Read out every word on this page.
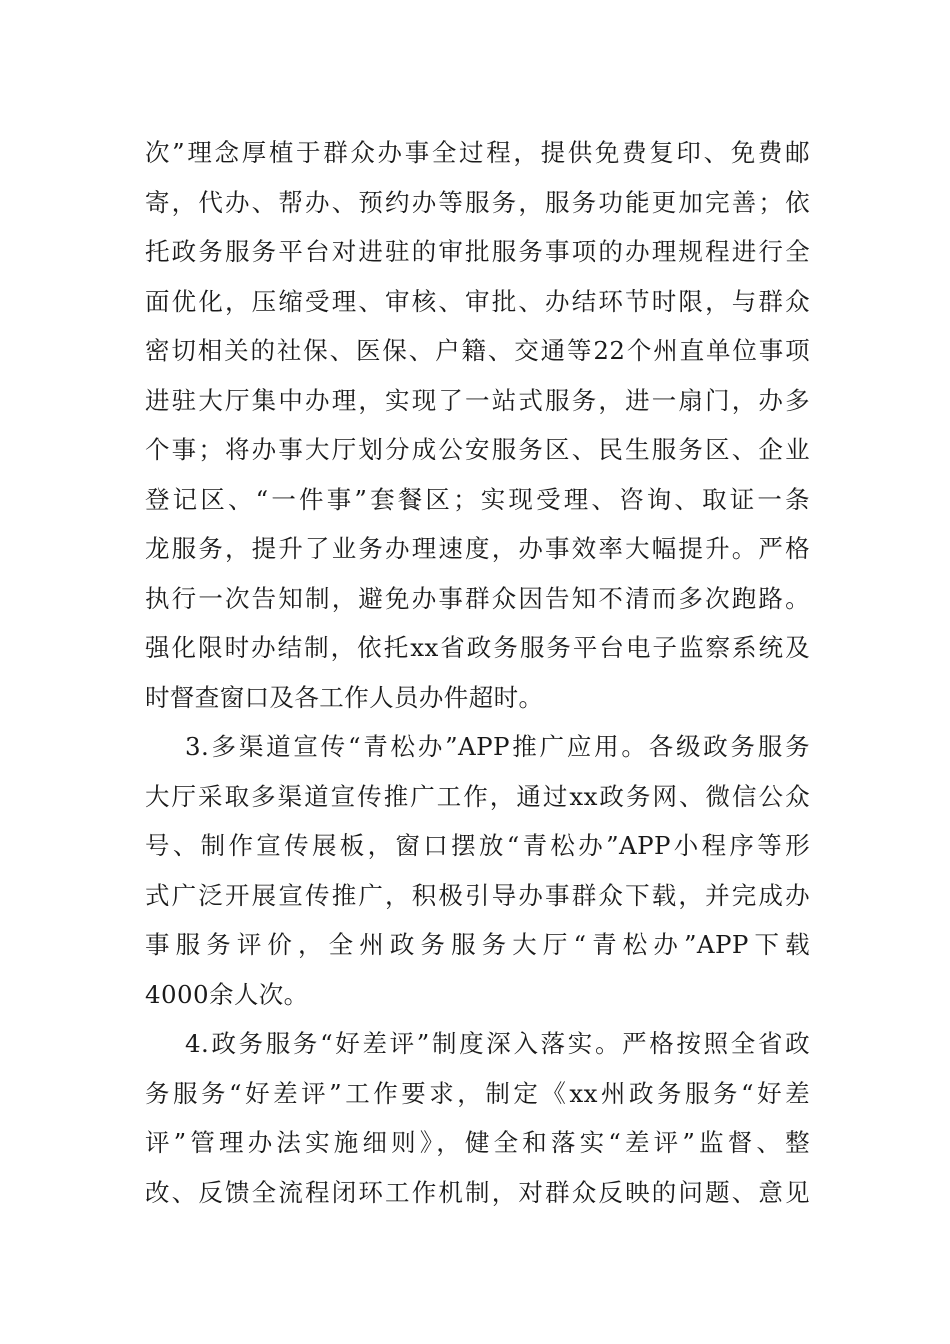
次”理念厚植于群众办事全过程，提供免费复印、免费邮
寄，代办、帮办、预约办等服务，服务功能更加完善；依
托政务服务平台对进驻的审批服务事项的办理规程进行全
面优化，压缩受理、审核、审批、办结环节时限，与群众
密切相关的社保、医保、户籍、交通等22个州直单位事项
进驻大厅集中办理，实现了一站式服务，进一扇门，办多
个事；将办事大厅划分成公安服务区、民生服务区、企业
登记区、“一件事”套餐区；实现受理、咨询、取证一条
龙服务，提升了业务办理速度，办事效率大幅提升。严格
执行一次告知制，避免办事群众因告知不清而多次跑路。
强化限时办结制，依托xx省政务服务平台电子监察系统及
时督查窗口及各工作人员办件超时。

3.多渠道宣传“青松办”APP推广应用。各级政务服务
大厅采取多渠道宣传推广工作，通过xx政务网、微信公众
号、制作宣传展板，窗口摆放“青松办”APP小程序等形
式广泛开展宣传推广，积极引导办事群众下载，并完成办
事服务评价，全州政务服务大厅“青松办”APP下载
4000余人次。

4.政务服务“好差评”制度深入落实。严格按照全省政
务服务“好差评”工作要求，制定《xx州政务服务“好差
评”管理办法实施细则》，健全和落实“差评”监督、整
改、反馈全流程闭环工作机制，对群众反映的问题、意见
